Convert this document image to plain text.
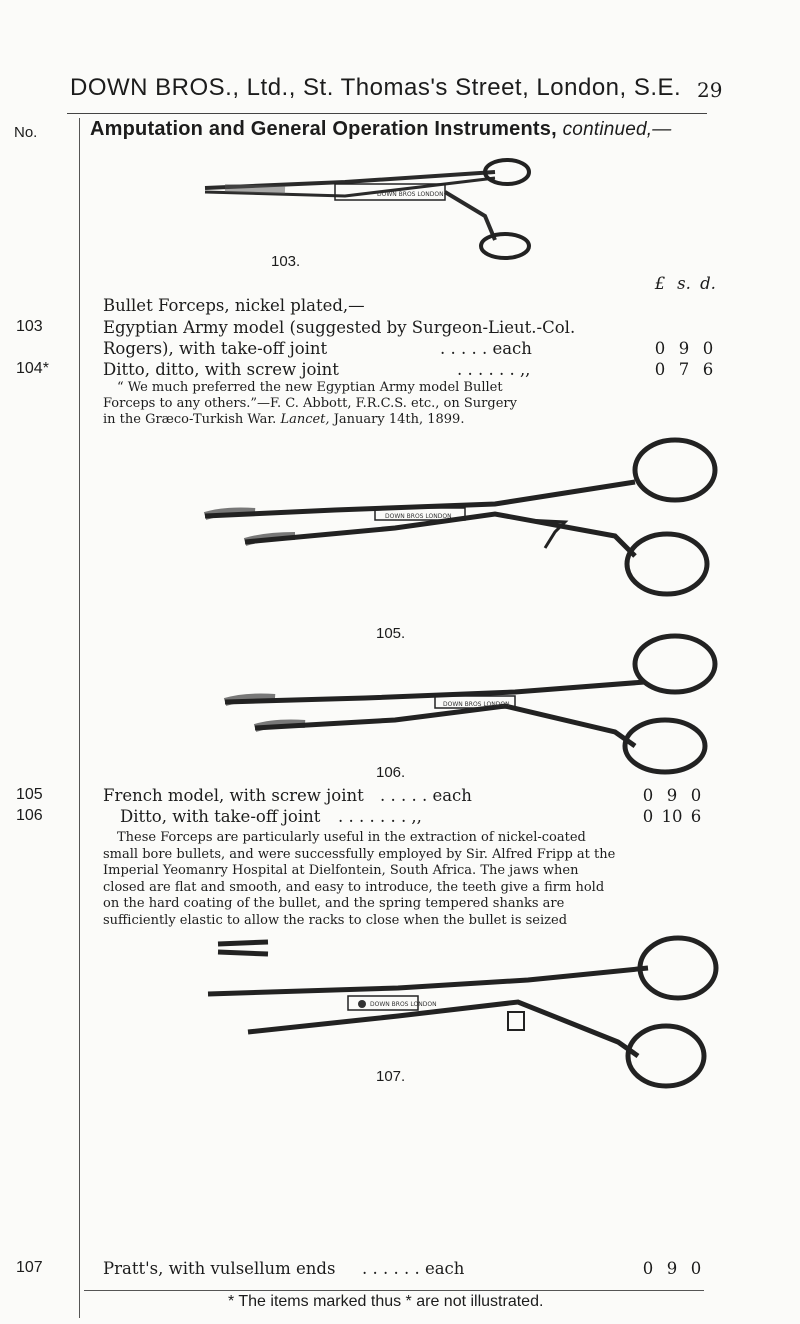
DOWN BROS., Ltd., St. Thomas's Street, London, S.E. 29
No.	Amputation and General Operation Instruments, continued,—
DOWN BROS LONDON
103.
£ s. d.
Bullet Forceps, nickel plated,—
103	Egyptian Army model (suggested by Surgeon-Lieut.-Col.
Rogers), with take-off joint	. . . . . each	0 9 0
104*	Ditto, ditto, with screw joint	. . . . . . ,,	0 7 6
“ We much preferred the new Egyptian Army model Bullet
Forceps to any others.”—F. C. Abbott, F.R.C.S. etc., on Surgery
in the Græco-Turkish War. Lancet, January 14th, 1899.
DOWN BROS LONDON
105.
DOWN BROS LONDON
106.
105	French model, with screw joint . . . . . each	0 9 0
106	Ditto, with take-off joint . . . . . . . ,,	0 10 6
These Forceps are particularly useful in the extraction of nickel-coated
small bore bullets, and were successfully employed by Sir. Alfred Fripp at the
Imperial Yeomanry Hospital at Dielfontein, South Africa. The jaws when
closed are flat and smooth, and easy to introduce, the teeth give a firm hold
on the hard coating of the bullet, and the spring tempered shanks are
sufficiently elastic to allow the racks to close when the bullet is seized
DOWN BROS LONDON
107.
107	Pratt's, with vulsellum ends . . . . . . each	0 9 0
* The items marked thus * are not illustrated.
